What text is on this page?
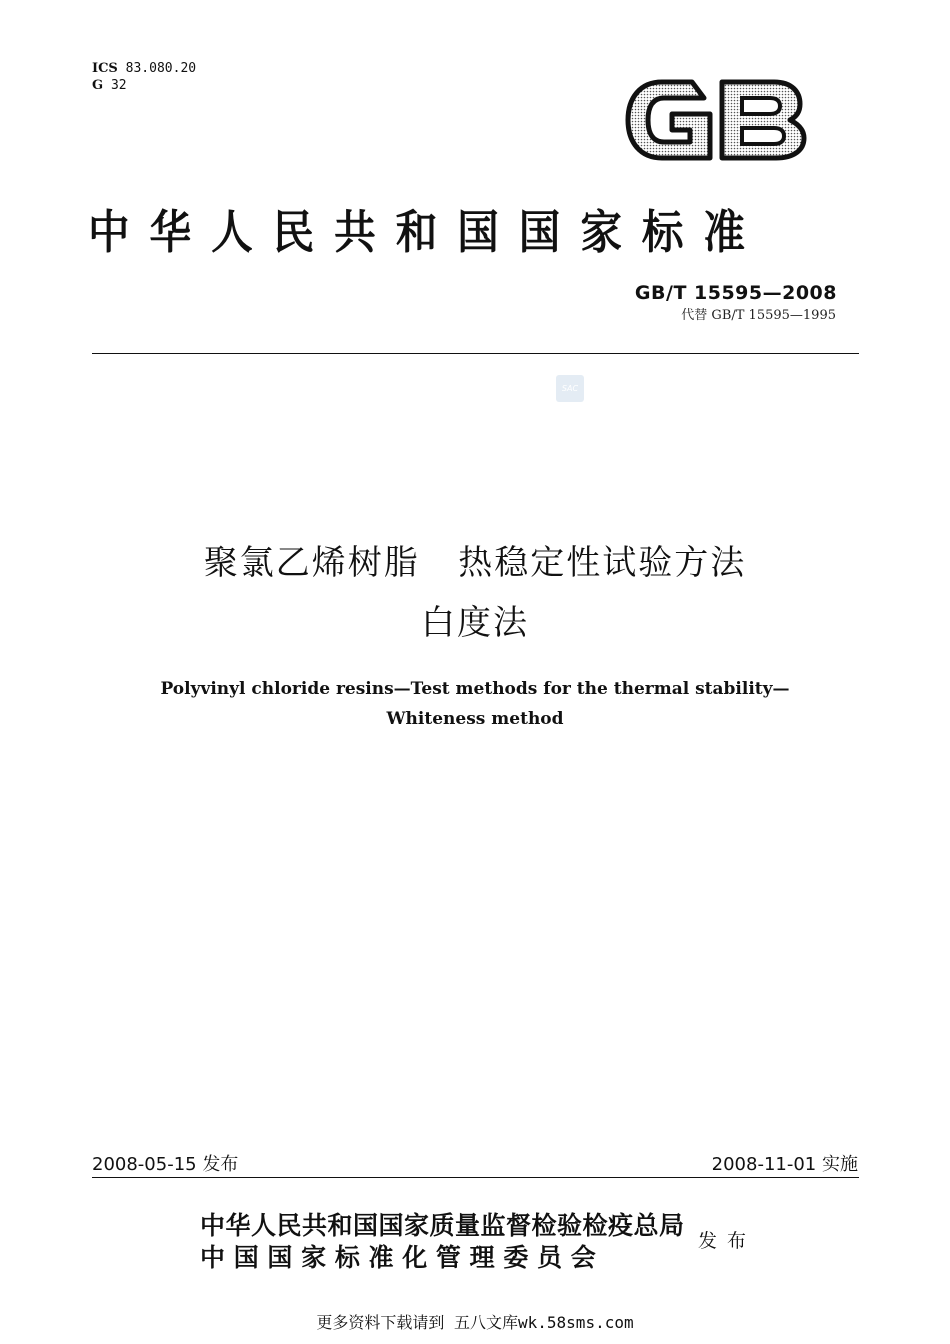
ICS 83.080.20
G 32
GB
中华人民共和国国家标准
GB/T 15595—2008
代替 GB/T 15595—1995
SAC
聚氯乙烯树脂   热稳定性试验方法
白度法
Polyvinyl chloride resins—Test methods for the thermal stability—
Whiteness method
2008-05-15 发布	2008-11-01 实施
中华人民共和国国家质量监督检验检疫总局
中 国 国 家 标 准 化 管 理 委 员 会
发布
更多资料下载请到 五八文库wk.58sms.com
